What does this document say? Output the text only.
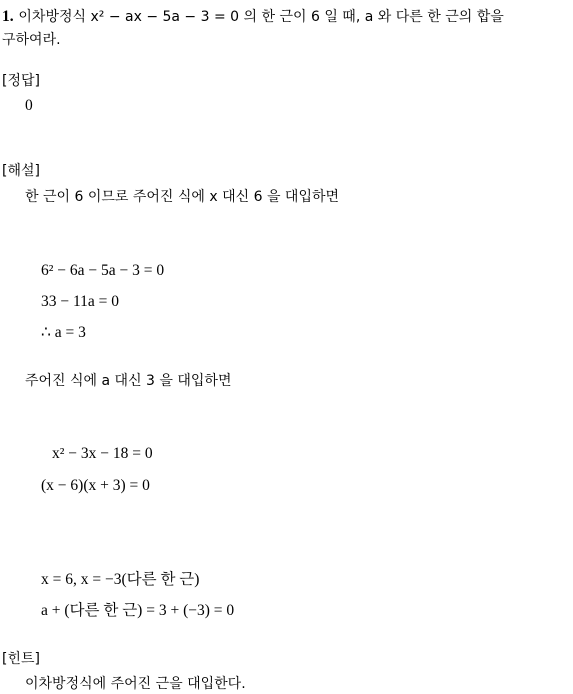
1. 이차방정식 x² − ax − 5a − 3 = 0 의 한 근이 6 일 때, a 와 다른 한 근의 합을
구하여라.
[정답]
0
[해설]
한 근이 6 이므로 주어진 식에 x 대신 6 을 대입하면
6² − 6a − 5a − 3 = 0
33 − 11a = 0
∴ a = 3
주어진 식에 a 대신 3 을 대입하면
x² − 3x − 18 = 0
(x − 6)(x + 3) = 0
x = 6, x = −3(다른 한 근)
a + (다른 한 근) = 3 + (−3) = 0
[힌트]
이차방정식에 주어진 근을 대입한다.
